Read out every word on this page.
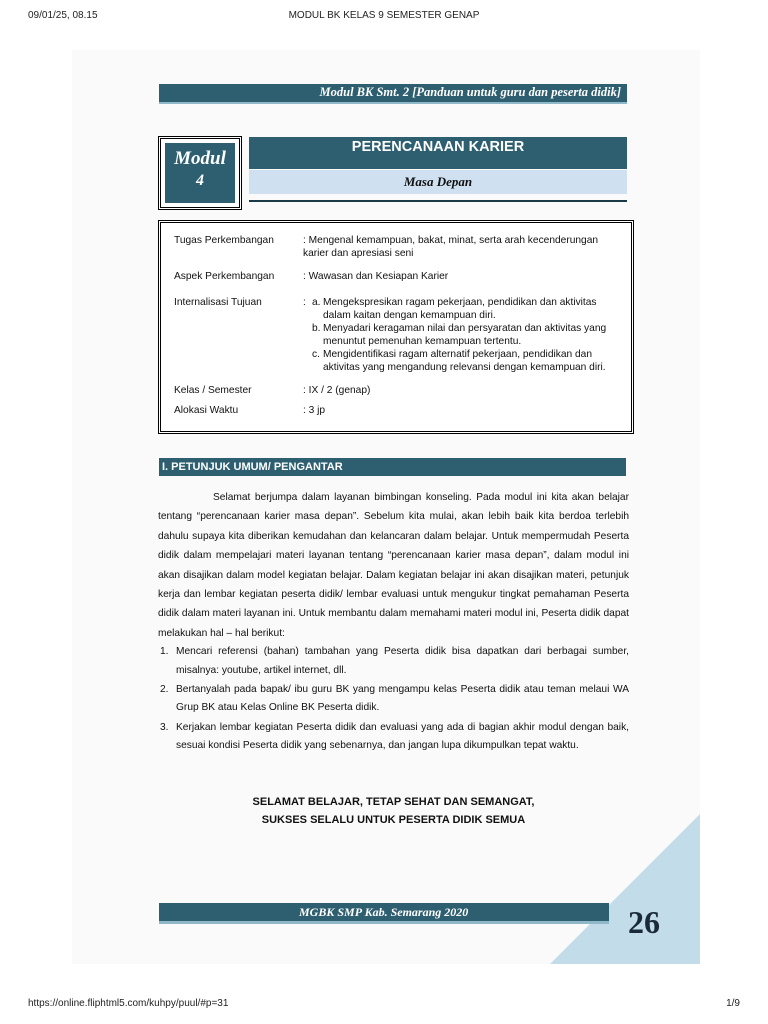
09/01/25, 08.15	MODUL BK KELAS 9 SEMESTER GENAP
Modul BK Smt. 2 [Panduan untuk guru dan peserta didik]
Modul
4
PERENCANAAN KARIER
Masa Depan
Tugas Perkembangan	: Mengenal kemampuan, bakat, minat, serta arah kecenderungan karier dan apresiasi seni
Aspek Perkembangan	: Wawasan dan Kesiapan Karier
Internalisasi Tujuan	: a. Mengekspresikan ragam pekerjaan, pendidikan dan aktivitas dalam kaitan dengan kemampuan diri.
b. Menyadari keragaman nilai dan persyaratan dan aktivitas yang menuntut pemenuhan kemampuan tertentu.
c. Mengidentifikasi ragam alternatif pekerjaan, pendidikan dan aktivitas yang mengandung relevansi dengan kemampuan diri.
Kelas / Semester	: IX / 2 (genap)
Alokasi Waktu	: 3 jp
I. PETUNJUK UMUM/ PENGANTAR

Selamat berjumpa dalam layanan bimbingan konseling. Pada modul ini kita akan belajar tentang “perencanaan karier masa depan”. Sebelum kita mulai, akan lebih baik kita berdoa terlebih dahulu supaya kita diberikan kemudahan dan kelancaran dalam belajar. Untuk mempermudah Peserta didik dalam mempelajari materi layanan tentang “perencanaan karier masa depan”, dalam modul ini akan disajikan dalam model kegiatan belajar. Dalam kegiatan belajar ini akan disajikan materi, petunjuk kerja dan lembar kegiatan peserta didik/ lembar evaluasi untuk mengukur tingkat pemahaman Peserta didik dalam materi layanan ini. Untuk membantu dalam memahami materi modul ini, Peserta didik dapat melakukan hal – hal berikut:

1. Mencari referensi (bahan) tambahan yang Peserta didik bisa dapatkan dari berbagai sumber, misalnya: youtube, artikel internet, dll.
2. Bertanyalah pada bapak/ ibu guru BK yang mengampu kelas Peserta didik atau teman melaui WA Grup BK atau Kelas Online BK Peserta didik.
3. Kerjakan lembar kegiatan Peserta didik dan evaluasi yang ada di bagian akhir modul dengan baik, sesuai kondisi Peserta didik yang sebenarnya, dan jangan lupa dikumpulkan tepat waktu.
SELAMAT BELAJAR, TETAP SEHAT DAN SEMANGAT,
SUKSES SELALU UNTUK PESERTA DIDIK SEMUA
MGBK SMP Kab. Semarang 2020	26
https://online.fliphtml5.com/kuhpy/puul/#p=31	1/9
